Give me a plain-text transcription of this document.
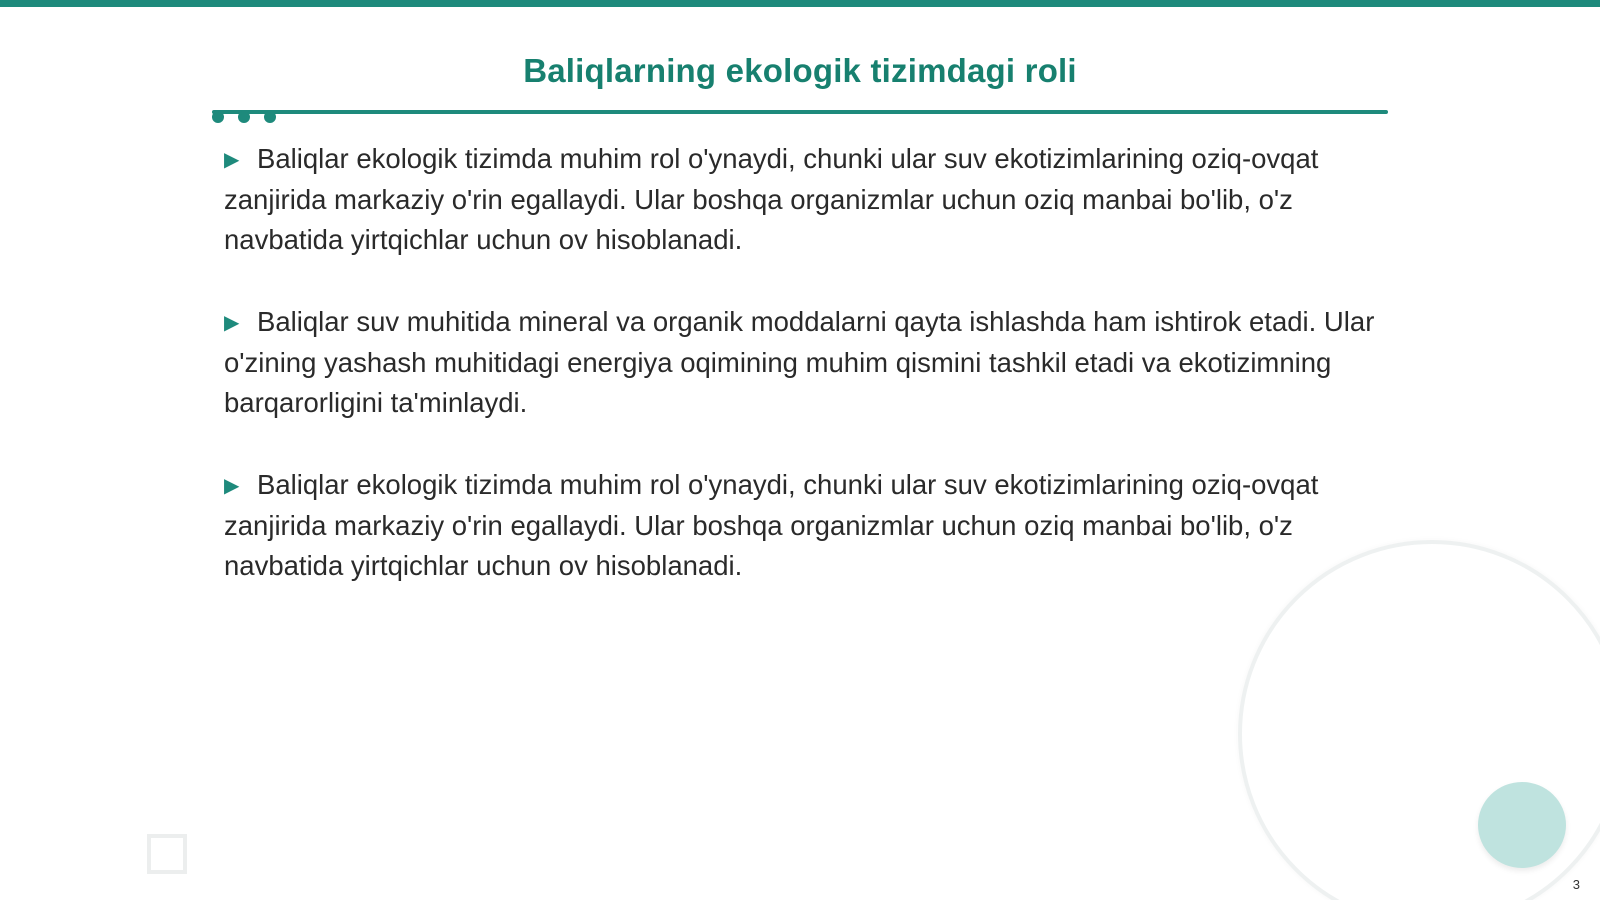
Baliqlarning ekologik tizimdagi roli

▶ Baliqlar ekologik tizimda muhim rol o'ynaydi, chunki ular suv ekotizimlarining oziq-ovqat zanjirida markaziy o'rin egallaydi. Ular boshqa organizmlar uchun oziq manbai bo'lib, o'z navbatida yirtqichlar uchun ov hisoblanadi.

▶ Baliqlar suv muhitida mineral va organik moddalarni qayta ishlashda ham ishtirok etadi. Ular o'zining yashash muhitidagi energiya oqimining muhim qismini tashkil etadi va ekotizimning barqarorligini ta'minlaydi.

▶ Baliqlar ekologik tizimda muhim rol o'ynaydi, chunki ular suv ekotizimlarining oziq-ovqat zanjirida markaziy o'rin egallaydi. Ular boshqa organizmlar uchun oziq manbai bo'lib, o'z navbatida yirtqichlar uchun ov hisoblanadi.

3
